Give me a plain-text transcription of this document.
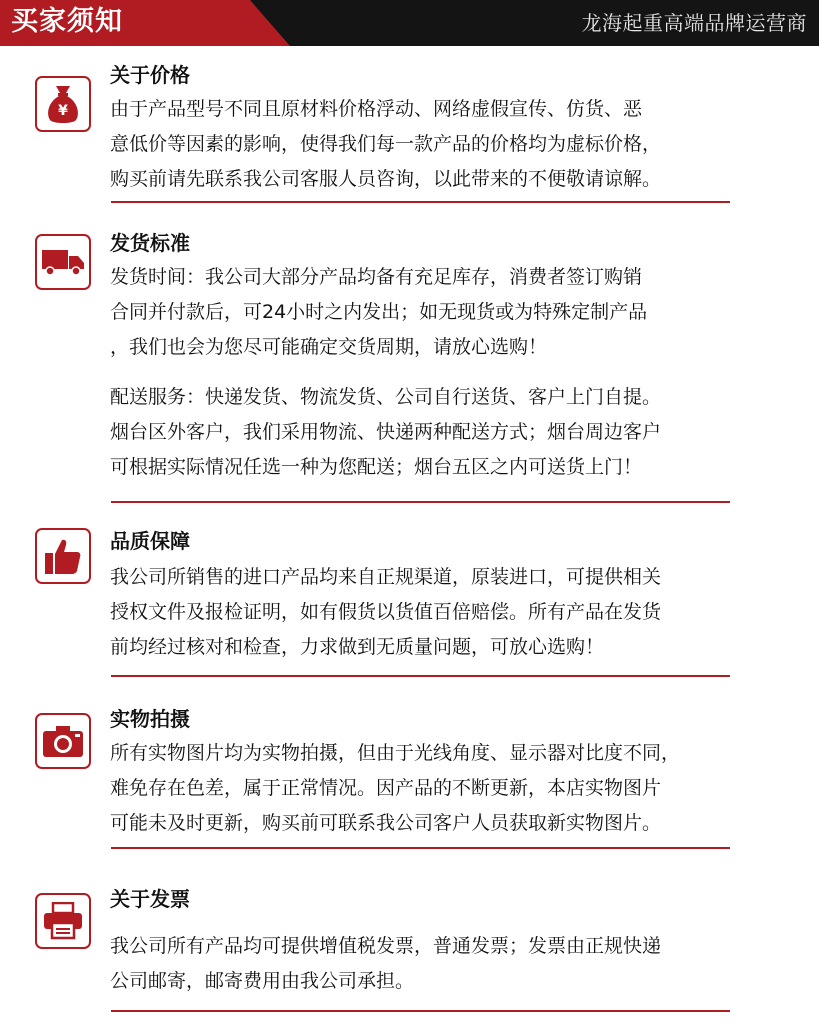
买家须知	龙海起重高端品牌运营商
¥
关于价格
由于产品型号不同且原材料价格浮动、网络虚假宣传、仿货、恶
意低价等因素的影响，使得我们每一款产品的价格均为虚标价格，
购买前请先联系我公司客服人员咨询，以此带来的不便敬请谅解。
发货标准
发货时间：我公司大部分产品均备有充足库存，消费者签订购销
合同并付款后，可24小时之内发出；如无现货或为特殊定制产品
，我们也会为您尽可能确定交货周期，请放心选购！
配送服务：快递发货、物流发货、公司自行送货、客户上门自提。
烟台区外客户，我们采用物流、快递两种配送方式；烟台周边客户
可根据实际情况任选一种为您配送；烟台五区之内可送货上门！
品质保障
我公司所销售的进口产品均来自正规渠道，原装进口，可提供相关
授权文件及报检证明，如有假货以货值百倍赔偿。所有产品在发货
前均经过核对和检查，力求做到无质量问题，可放心选购！
实物拍摄
所有实物图片均为实物拍摄，但由于光线角度、显示器对比度不同，
难免存在色差，属于正常情况。因产品的不断更新，本店实物图片
可能未及时更新，购买前可联系我公司客户人员获取新实物图片。
关于发票
我公司所有产品均可提供增值税发票，普通发票；发票由正规快递
公司邮寄，邮寄费用由我公司承担。
